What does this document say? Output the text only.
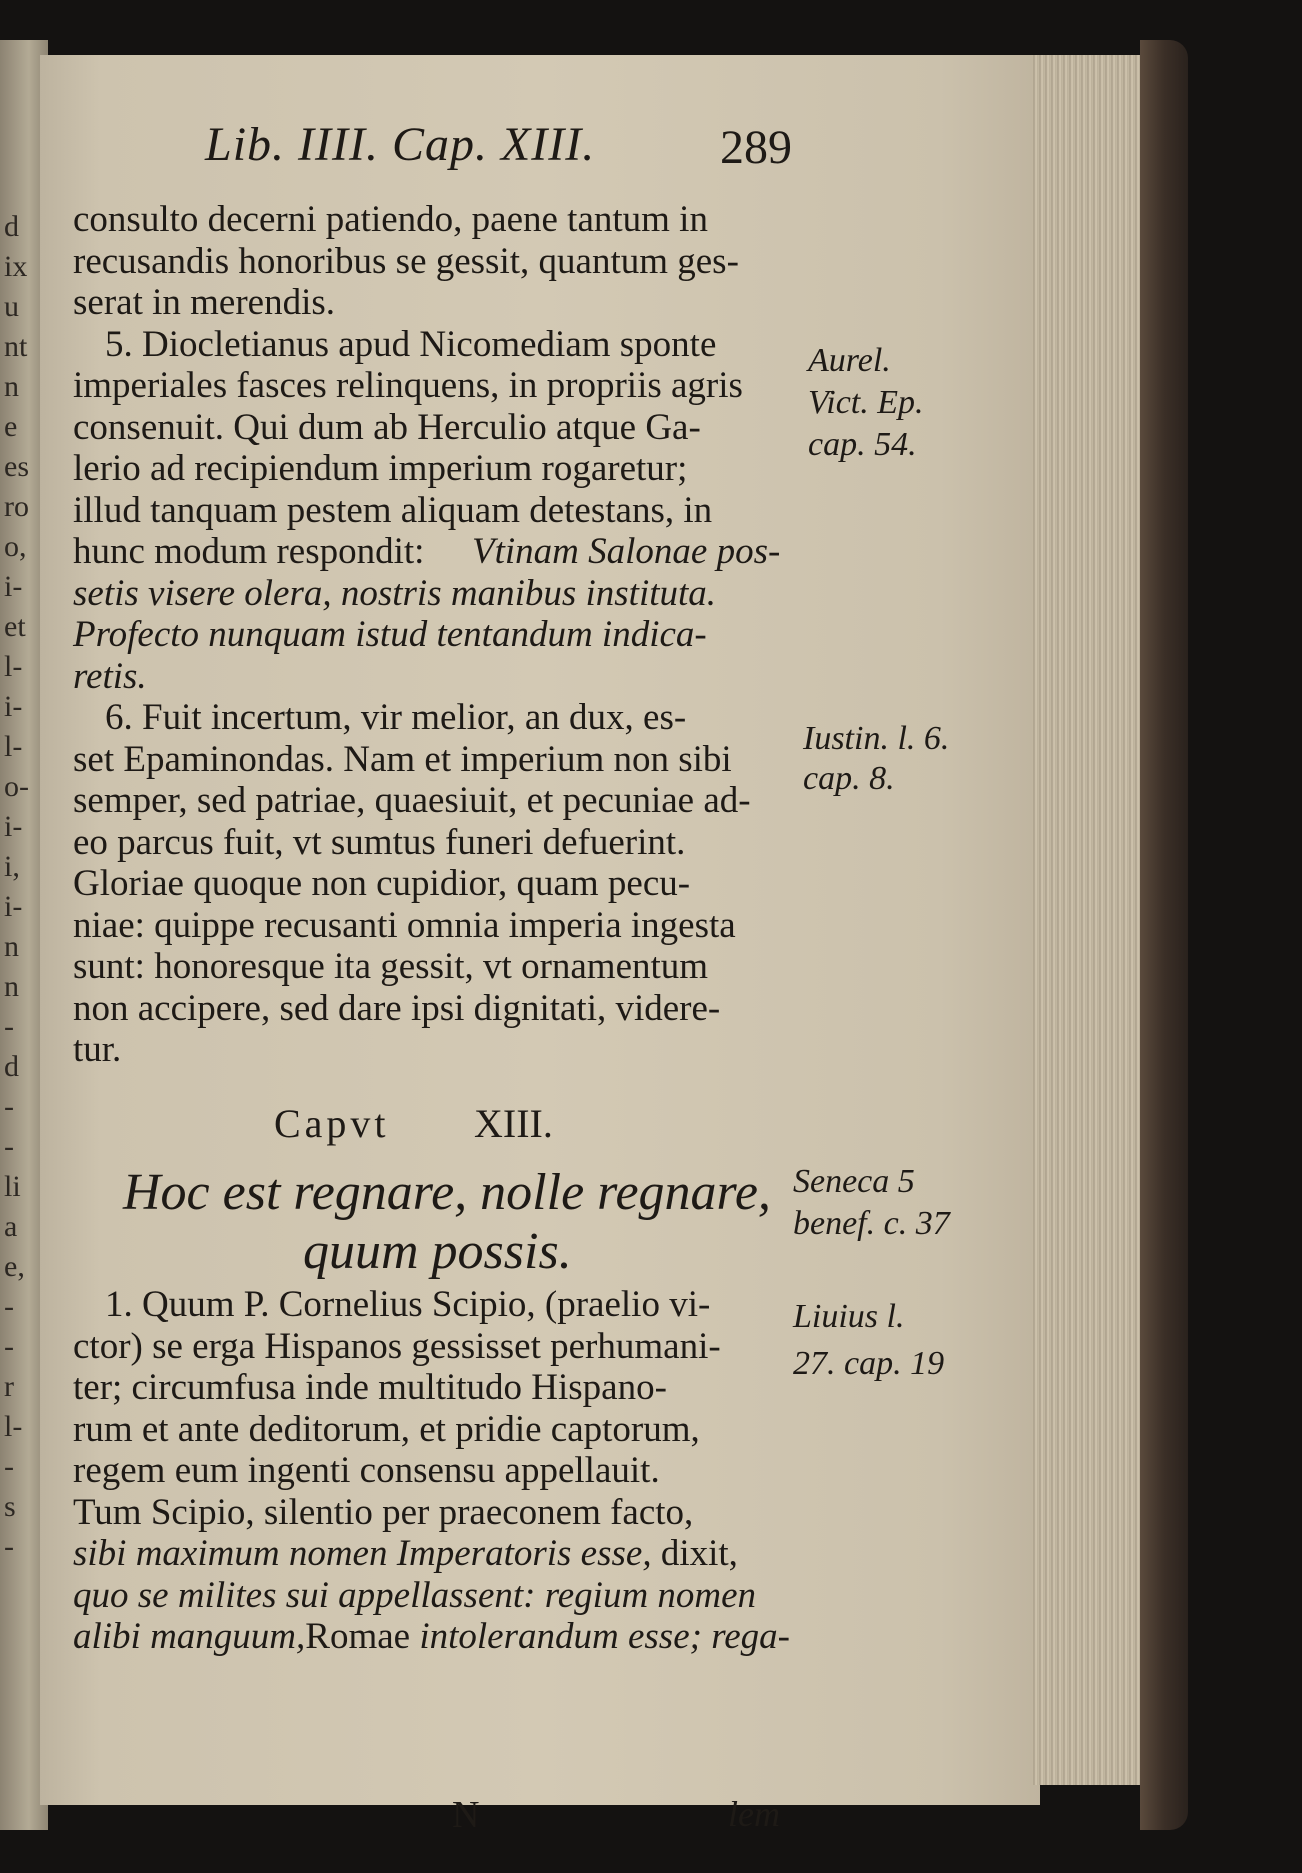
d
ix
u
nt
n
e
es
ro
o,
i-
et
l-
i-
l-
o-
i-
i,
i-
n
n
-
d
-
-
li
a
e,
-
-
r
l-
-
s
-
Lib. IIII. Cap. XIII.	289
consulto decerni patiendo, paene tantum in
recusandis honoribus se gessit, quantum ges-
serat in merendis.
5. Diocletianus apud Nicomediam sponte
imperiales fasces relinquens, in propriis agris
consenuit. Qui dum ab Herculio atque Ga-
lerio ad recipiendum imperium rogaretur;
illud tanquam pestem aliquam detestans, in
hunc modum respondit: Vtinam Salonae pos-
setis visere olera, nostris manibus instituta.
Profecto nunquam istud tentandum indica-
retis.
6. Fuit incertum, vir melior, an dux, es-
set Epaminondas. Nam et imperium non sibi
semper, sed patriae, quaesiuit, et pecuniae ad-
eo parcus fuit, vt sumtus funeri defuerint.
Gloriae quoque non cupidior, quam pecu-
niae: quippe recusanti omnia imperia ingesta
sunt: honoresque ita gessit, vt ornamentum
non accipere, sed dare ipsi dignitati, videre-
tur.
1. Quum P. Cornelius Scipio, (praelio vi-
ctor) se erga Hispanos gessisset perhumani-
ter; circumfusa inde multitudo Hispano-
rum et ante deditorum, et pridie captorum,
regem eum ingenti consensu appellauit.
Tum Scipio, silentio per praeconem facto,
sibi maximum nomen Imperatoris esse, dixit,
quo se milites sui appellassent: regium nomen
alibi manguum,Romae intolerandum esse; rega-
Capvt XIII.
Hoc est regnare, nolle regnare,
quum possis.
N	lem
Aurel.
Vict. Ep.
cap. 54.
Iustin. l. 6.
cap. 8.
Seneca 5
benef. c. 37
Liuius l.
27. cap. 19
